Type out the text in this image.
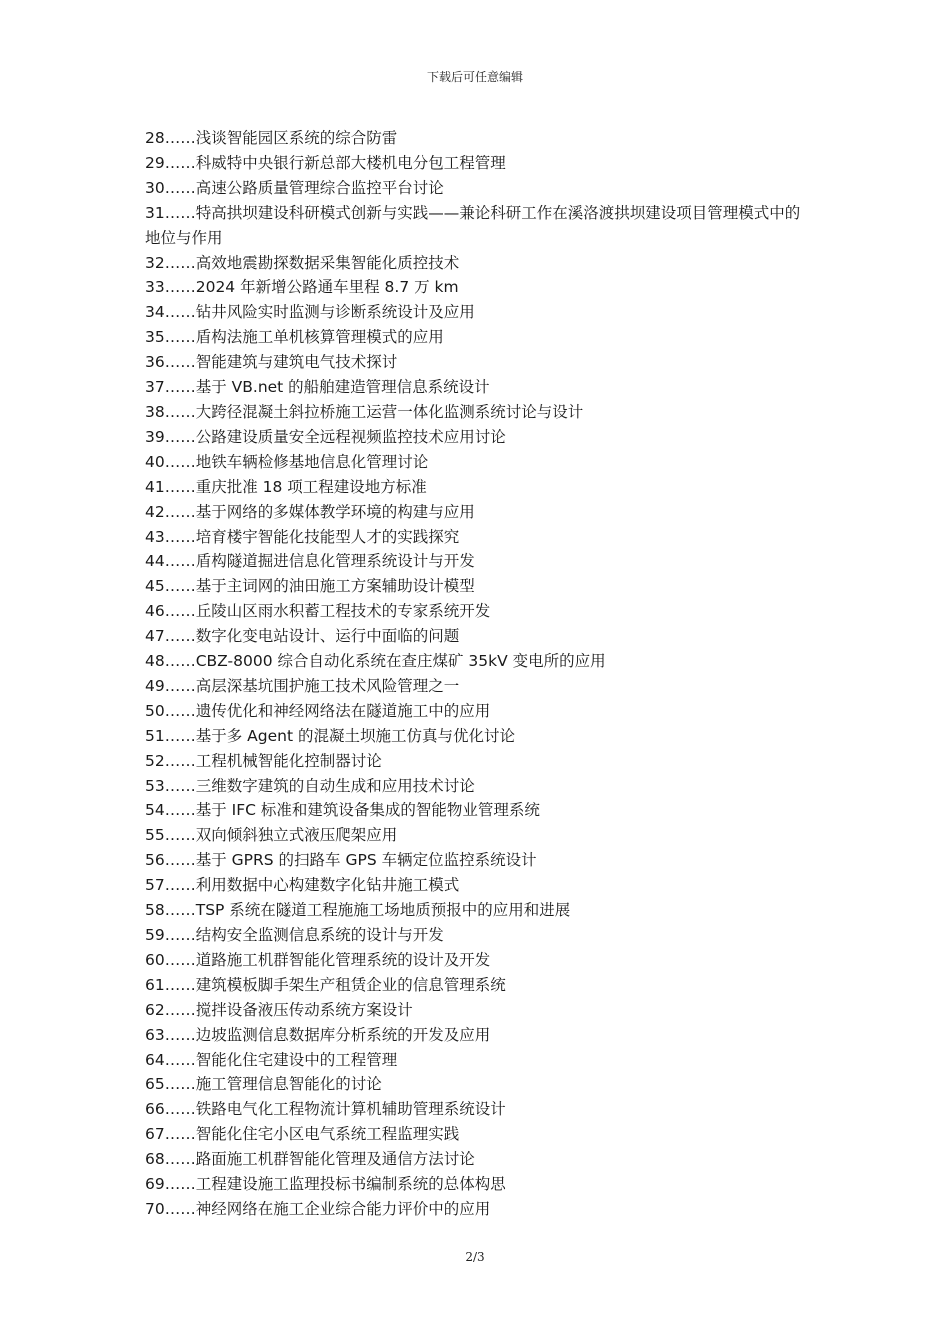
下载后可任意编辑
28……浅谈智能园区系统的综合防雷
29……科威特中央银行新总部大楼机电分包工程管理
30……高速公路质量管理综合监控平台讨论
31……特高拱坝建设科研模式创新与实践——兼论科研工作在溪洛渡拱坝建设项目管理模式中的地位与作用
32……高效地震勘探数据采集智能化质控技术
33……2024 年新增公路通车里程 8.7 万 km
34……钻井风险实时监测与诊断系统设计及应用
35……盾构法施工单机核算管理模式的应用
36……智能建筑与建筑电气技术探讨
37……基于 VB.net 的船舶建造管理信息系统设计
38……大跨径混凝土斜拉桥施工运营一体化监测系统讨论与设计
39……公路建设质量安全远程视频监控技术应用讨论
40……地铁车辆检修基地信息化管理讨论
41……重庆批准 18 项工程建设地方标准
42……基于网络的多媒体教学环境的构建与应用
43……培育楼宇智能化技能型人才的实践探究
44……盾构隧道掘进信息化管理系统设计与开发
45……基于主词网的油田施工方案辅助设计模型
46……丘陵山区雨水积蓄工程技术的专家系统开发
47……数字化变电站设计、运行中面临的问题
48……CBZ-8000 综合自动化系统在查庄煤矿 35kV 变电所的应用
49……高层深基坑围护施工技术风险管理之一
50……遗传优化和神经网络法在隧道施工中的应用
51……基于多 Agent 的混凝土坝施工仿真与优化讨论
52……工程机械智能化控制器讨论
53……三维数字建筑的自动生成和应用技术讨论
54……基于 IFC 标准和建筑设备集成的智能物业管理系统
55……双向倾斜独立式液压爬架应用
56……基于 GPRS 的扫路车 GPS 车辆定位监控系统设计
57……利用数据中心构建数字化钻井施工模式
58……TSP 系统在隧道工程施施工场地质预报中的应用和进展
59……结构安全监测信息系统的设计与开发
60……道路施工机群智能化管理系统的设计及开发
61……建筑模板脚手架生产租赁企业的信息管理系统
62……搅拌设备液压传动系统方案设计
63……边坡监测信息数据库分析系统的开发及应用
64……智能化住宅建设中的工程管理
65……施工管理信息智能化的讨论
66……铁路电气化工程物流计算机辅助管理系统设计
67……智能化住宅小区电气系统工程监理实践
68……路面施工机群智能化管理及通信方法讨论
69……工程建设施工监理投标书编制系统的总体构思
70……神经网络在施工企业综合能力评价中的应用
2/3
